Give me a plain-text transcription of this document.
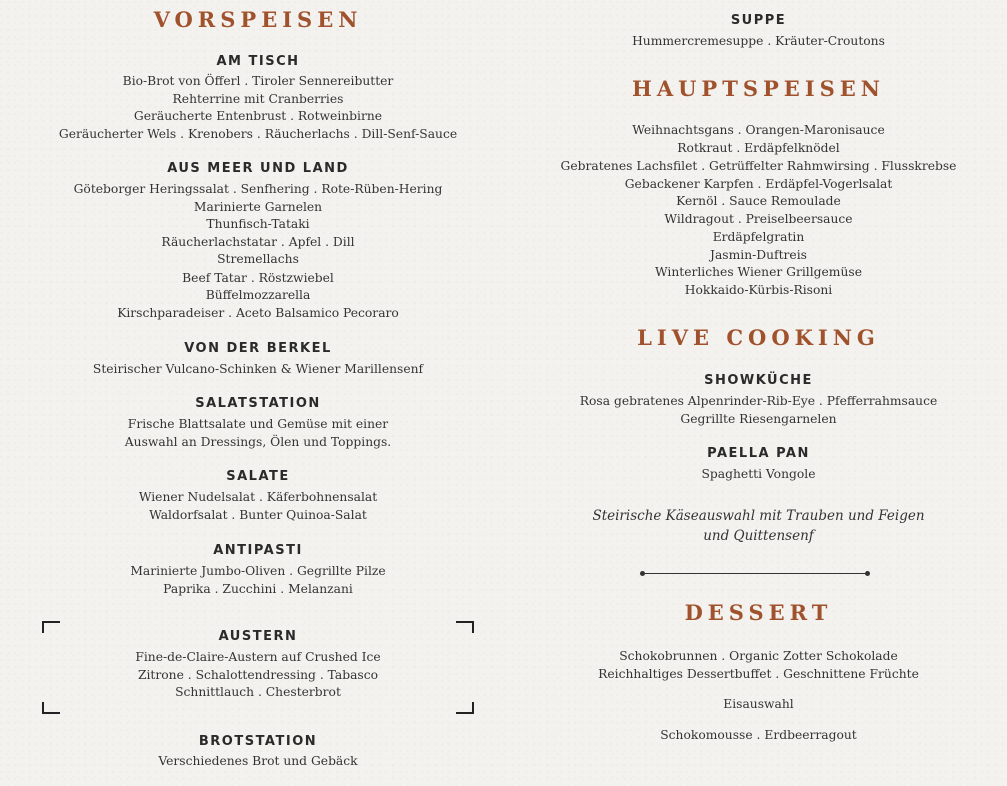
VORSPEISEN
AM TISCH
Bio-Brot von Öfferl . Tiroler Sennereibutter
Rehterrine mit Cranberries
Geräucherte Entenbrust . Rotweinbirne
Geräucherter Wels . Krenobers . Räucherlachs . Dill-Senf-Sauce
AUS MEER UND LAND
Göteborger Heringssalat . Senfhering . Rote-Rüben-Hering
Marinierte Garnelen
Thunfisch-Tataki
Räucherlachstatar . Apfel . Dill
Stremellachs
Beef Tatar . Röstzwiebel
Büffelmozzarella
Kirschparadeiser . Aceto Balsamico Pecoraro
VON DER BERKEL
Steirischer Vulcano-Schinken & Wiener Marillensenf
SALATSTATION
Frische Blattsalate und Gemüse mit einer
Auswahl an Dressings, Ölen und Toppings.
SALATE
Wiener Nudelsalat . Käferbohnensalat
Waldorfsalat . Bunter Quinoa-Salat
ANTIPASTI
Marinierte Jumbo-Oliven . Gegrillte Pilze
Paprika . Zucchini . Melanzani
AUSTERN
Fine-de-Claire-Austern auf Crushed Ice
Zitrone . Schalottendressing . Tabasco
Schnittlauch . Chesterbrot
BROTSTATION
Verschiedenes Brot und Gebäck
SUPPE
Hummercremesuppe . Kräuter-Croutons
HAUPTSPEISEN
Weihnachtsgans . Orangen-Maronisauce
Rotkraut . Erdäpfelknödel
Gebratenes Lachsfilet . Getrüffelter Rahmwirsing . Flusskrebse
Gebackener Karpfen . Erdäpfel-Vogerlsalat
Kernöl . Sauce Remoulade
Wildragout . Preiselbeersauce
Erdäpfelgratin
Jasmin-Duftreis
Winterliches Wiener Grillgemüse
Hokkaido-Kürbis-Risoni
LIVE COOKING
SHOWKÜCHE
Rosa gebratenes Alpenrinder-Rib-Eye . Pfefferrahmsauce
Gegrillte Riesengarnelen
PAELLA PAN
Spaghetti Vongole
Steirische Käseauswahl mit Trauben und Feigen
und Quittensenf
DESSERT
Schokobrunnen . Organic Zotter Schokolade
Reichhaltiges Dessertbuffet . Geschnittene Früchte
Eisauswahl
Schokomousse . Erdbeerragout
